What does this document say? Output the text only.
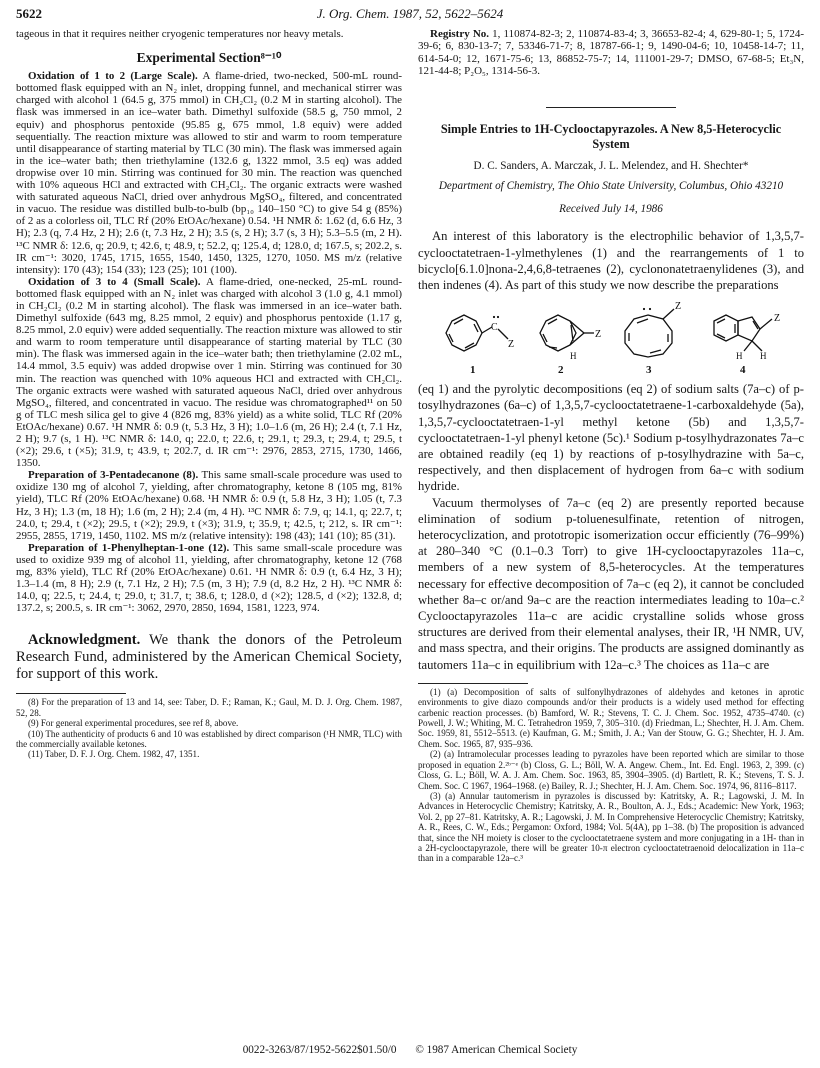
5622	J. Org. Chem. 1987, 52, 5622–5624

tageous in that it requires neither cryogenic temperatures nor heavy metals.

Experimental Section⁸⁻¹⁰

Oxidation of 1 to 2 (Large Scale). A flame-dried, two-necked, 500-mL round-bottomed flask equipped with an N₂ inlet, dropping funnel, and mechanical stirrer was charged with alcohol 1 (64.5 g, 375 mmol) in CH₂Cl₂ (0.2 M in starting alcohol). The flask was immersed in an ice–water bath. Dimethyl sulfoxide (58.5 g, 750 mmol, 2 equiv) and phosphorus pentoxide (95.85 g, 675 mmol, 1.8 equiv) were added sequentially. The reaction mixture was allowed to stir and warm to room temperature until disappearance of starting material by TLC (30 min). The flask was immersed again in the ice–water bath; then triethylamine (132.6 g, 1322 mmol, 3.5 eq) was added dropwise over 10 min. Stirring was continued for 30 min. The reaction was quenched with 10% aqueous HCl and extracted with CH₂Cl₂. The organic extracts were washed with saturated aqueous NaCl, dried over anhydrous MgSO₄, filtered, and concentrated in vacuo. The residue was distilled bulb-to-bulb (bp₁₀ 140–150 °C) to give 54 g (85%) of 2 as a colorless oil, TLC Rf (20% EtOAc/hexane) 0.54. ¹H NMR δ: 1.62 (d, 6.6 Hz, 3 H); 2.3 (q, 7.4 Hz, 2 H); 2.6 (t, 7.3 Hz, 2 H); 3.5 (s, 2 H); 3.7 (s, 3 H); 5.3–5.5 (m, 2 H). ¹³C NMR δ: 12.6, q; 20.9, t; 42.6, t; 48.9, t; 52.2, q; 125.4, d; 128.0, d; 167.5, s; 202.2, s. IR cm⁻¹: 3020, 1745, 1715, 1655, 1540, 1450, 1325, 1270, 1050. MS m/z (relative intensity): 170 (43); 154 (33); 123 (25); 101 (100).

Oxidation of 3 to 4 (Small Scale). A flame-dried, one-necked, 25-mL round-bottomed flask equipped with an N₂ inlet was charged with alcohol 3 (1.0 g, 4.1 mmol) in CH₂Cl₂ (0.2 M in starting alcohol). The flask was immersed in an ice–water bath. Dimethyl sulfoxide (643 mg, 8.25 mmol, 2 equiv) and phosphorus pentoxide (1.17 g, 8.25 mmol, 2.0 equiv) were added sequentially. The reaction mixture was allowed to stir and warm to room temperature until disappearance of starting material by TLC (30 min). The flask was immersed again in the ice–water bath; then triethylamine (2.02 mL, 14.4 mmol, 3.5 equiv) was added dropwise over 1 min. Stirring was continued for 30 min. The reaction was quenched with 10% aqueous HCl and extracted with CH₂Cl₂. The organic extracts were washed with saturated aqueous NaCl, dried over anhydrous MgSO₄, filtered, and concentrated in vacuo. The residue was chromatographed¹¹ on 50 g of TLC mesh silica gel to give 4 (826 mg, 83% yield) as a white solid, TLC Rf (20% EtOAc/hexane) 0.67. ¹H NMR δ: 0.9 (t, 5.3 Hz, 3 H); 1.0–1.6 (m, 26 H); 2.4 (t, 7.1 Hz, 2 H); 9.7 (s, 1 H). ¹³C NMR δ: 14.0, q; 22.0, t; 22.6, t; 29.1, t; 29.3, t; 29.4, t; 29.5, t (×2); 29.6, t (×5); 31.9, t; 43.9, t; 202.7, d. IR cm⁻¹: 2976, 2853, 2715, 1730, 1466, 1350.

Preparation of 3-Pentadecanone (8). This same small-scale procedure was used to oxidize 130 mg of alcohol 7, yielding, after chromatography, ketone 8 (105 mg, 81% yield), TLC Rf (20% EtOAc/hexane) 0.68. ¹H NMR δ: 0.9 (t, 5.8 Hz, 3 H); 1.05 (t, 7.3 Hz, 3 H); 1.3 (m, 18 H); 1.6 (m, 2 H); 2.4 (m, 4 H). ¹³C NMR δ: 7.9, q; 14.1, q; 22.7, t; 24.0, t; 29.4, t (×2); 29.5, t (×2); 29.9, t (×3); 31.9, t; 35.9, t; 42.5, t; 212, s. IR cm⁻¹: 2955, 2855, 1719, 1450, 1102. MS m/z (relative intensity): 198 (43); 141 (10); 85 (31).

Preparation of 1-Phenylheptan-1-one (12). This same small-scale procedure was used to oxidize 939 mg of alcohol 11, yielding, after chromatography, ketone 12 (768 mg, 83% yield), TLC Rf (20% EtOAc/hexane) 0.61. ¹H NMR δ: 0.9 (t, 6.4 Hz, 3 H); 1.3–1.4 (m, 8 H); 2.9 (t, 7.1 Hz, 2 H); 7.5 (m, 3 H); 7.9 (d, 8.2 Hz, 2 H). ¹³C NMR δ: 14.0, q; 22.5, t; 24.4, t; 29.0, t; 31.7, t; 38.6, t; 128.0, d (×2); 128.5, d (×2); 132.8, d; 137.2, s; 200.5, s. IR cm⁻¹: 3062, 2970, 2850, 1694, 1581, 1223, 974.

Acknowledgment. We thank the donors of the Petroleum Research Fund, administered by the American Chemical Society, for support of this work.

(8) For the preparation of 13 and 14, see: Taber, D. F.; Raman, K.; Gaul, M. D. J. Org. Chem. 1987, 52, 28.

(9) For general experimental procedures, see ref 8, above.

(10) The authenticity of products 6 and 10 was established by direct comparison (¹H NMR, TLC) with the commercially available ketones.

(11) Taber, D. F. J. Org. Chem. 1982, 47, 1351.

Registry No. 1, 110874-82-3; 2, 110874-83-4; 3, 36653-82-4; 4, 629-80-1; 5, 1724-39-6; 6, 830-13-7; 7, 53346-71-7; 8, 18787-66-1; 9, 1490-04-6; 10, 10458-14-7; 11, 614-54-0; 12, 1671-75-6; 13, 86852-75-7; 14, 111001-29-7; DMSO, 67-68-5; Et₃N, 121-44-8; P₂O₅, 1314-56-3.

Simple Entries to 1H-Cyclooctapyrazoles. A New 8,5-Heterocyclic System
D. C. Sanders, A. Marczak, J. L. Melendez, and H. Shechter*
Department of Chemistry, The Ohio State University, Columbus, Ohio 43210
Received July 14, 1986

An interest of this laboratory is the electrophilic behavior of 1,3,5,7-cyclooctatetraen-1-ylmethylenes (1) and the rearrangements of 1 to bicyclo[6.1.0]nona-2,4,6,8-tetraenes (2), cyclononatetraenylidenes (3), and then indenes (4). As part of this study we now describe the preparations

C
Z
Z
H
Z
Z
H H
1	2	3	4

(eq 1) and the pyrolytic decompositions (eq 2) of sodium salts (7a–c) of p-tosylhydrazones (6a–c) of 1,3,5,7-cyclooctatetraene-1-carboxaldehyde (5a), 1,3,5,7-cyclooctatetraen-1-yl methyl ketone (5b) and 1,3,5,7-cyclooctatetraen-1-yl phenyl ketone (5c).¹ Sodium p-tosylhydrazonates 7a–c are obtained readily (eq 1) by reactions of p-tosylhydrazine with 5a–c, respectively, and then displacement of hydrogen from 6a–c with sodium hydride.

Vacuum thermolyses of 7a–c (eq 2) are presently reported because elimination of sodium p-toluenesulfinate, retention of nitrogen, heterocyclization, and prototropic isomerization occur efficiently (76–99%) at 280–340 °C (0.1–0.3 Torr) to give 1H-cyclooctapyrazoles 11a–c, members of a new system of 8,5-heterocycles. At the temperatures necessary for effective decomposition of 7a–c (eq 2), it cannot be concluded whether 8a–c or/and 9a–c are the reaction intermediates leading to 10a–c.² Cyclooctapyrazoles 11a–c are acidic crystalline solids whose gross structures are derived from their elemental analyses, their IR, ¹H NMR, UV, and mass spectra, and their origins. The products are assigned dominantly as tautomers 11a–c in equilibrium with 12a–c.³ The choices as 11a–c are

(1) (a) Decomposition of salts of sulfonylhydrazones of aldehydes and ketones in aprotic environments to give diazo compounds and/or their products is a widely used method for effecting carbenic reaction processes. (b) Bamford, W. R.; Stevens, T. C. J. Chem. Soc. 1952, 4735–4740. (c) Powell, J. W.; Whiting, M. C. Tetrahedron 1959, 7, 305–310. (d) Friedman, L.; Shechter, H. J. Am. Chem. Soc. 1959, 81, 5512–5513. (e) Kaufman, G. M.; Smith, J. A.; Van der Stouw, G. G.; Shechter, H. J. Am. Chem. Soc. 1965, 87, 935–936.

(2) (a) Intramolecular processes leading to pyrazoles have been reported which are similar to those proposed in equation 2.²ᵇ⁻ᵉ (b) Closs, G. L.; Böll, W. A. Angew. Chem., Int. Ed. Engl. 1963, 2, 399. (c) Closs, G. L.; Böll, W. A. J. Am. Chem. Soc. 1963, 85, 3904–3905. (d) Bartlett, R. K.; Stevens, T. S. J. Chem. Soc. C 1967, 1964–1968. (e) Bailey, R. J.; Shechter, H. J. Am. Chem. Soc. 1974, 96, 8116–8117.

(3) (a) Annular tautomerism in pyrazoles is discussed by: Katritsky, A. R.; Lagowski, J. M. In Advances in Heterocyclic Chemistry; Katritsky, A. R., Boulton, A. J., Eds.; Academic: New York, 1963; Vol. 2, pp 27–81. Katritsky, A. R.; Lagowski, J. M. In Comprehensive Heterocyclic Chemistry; Katritsky, A. R., Rees, C. W., Eds.; Pergamon: Oxford, 1984; Vol. 5(4A), pp 1–38. (b) The proposition is advanced that, since the NH moiety is closer to the cyclooctatetraene system and more conjugating in a 1H- than in a 2H-cyclooctapyrazole, there will be greater 10-π electron cyclooctatetraenoid delocalization in 11a–c than in a comparable 12a–c.³

0022-3263/87/1952-5622$01.50/0 © 1987 American Chemical Society
